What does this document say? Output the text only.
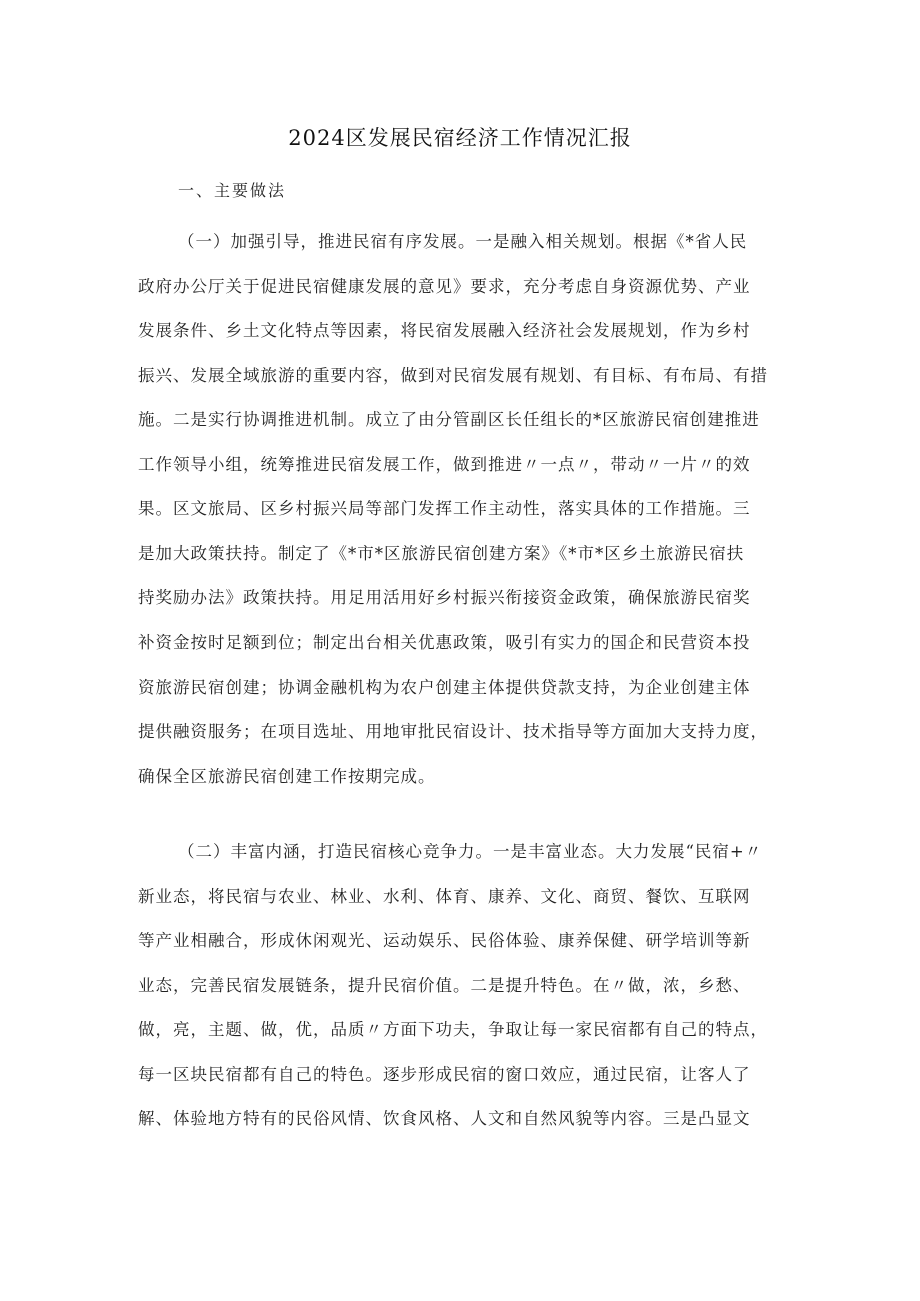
2024区发展民宿经济工作情况汇报
一、主要做法
（一）加强引导，推进民宿有序发展。一是融入相关规划。根据《*省人民
政府办公厅关于促进民宿健康发展的意见》要求，充分考虑自身资源优势、产业
发展条件、乡土文化特点等因素，将民宿发展融入经济社会发展规划，作为乡村
振兴、发展全域旅游的重要内容，做到对民宿发展有规划、有目标、有布局、有措
施。二是实行协调推进机制。成立了由分管副区长任组长的*区旅游民宿创建推进
工作领导小组，统筹推进民宿发展工作，做到推进〃一点〃，带动〃一片〃的效
果。区文旅局、区乡村振兴局等部门发挥工作主动性，落实具体的工作措施。三
是加大政策扶持。制定了《*市*区旅游民宿创建方案》《*市*区乡土旅游民宿扶
持奖励办法》政策扶持。用足用活用好乡村振兴衔接资金政策，确保旅游民宿奖
补资金按时足额到位；制定出台相关优惠政策，吸引有实力的国企和民营资本投
资旅游民宿创建；协调金融机构为农户创建主体提供贷款支持，为企业创建主体
提供融资服务；在项目选址、用地审批民宿设计、技术指导等方面加大支持力度，
确保全区旅游民宿创建工作按期完成。
（二）丰富内涵，打造民宿核心竞争力。一是丰富业态。大力发展“民宿+〃
新业态，将民宿与农业、林业、水利、体育、康养、文化、商贸、餐饮、互联网
等产业相融合，形成休闲观光、运动娱乐、民俗体验、康养保健、研学培训等新
业态，完善民宿发展链条，提升民宿价值。二是提升特色。在〃做，浓，乡愁、
做，亮，主题、做，优，品质〃方面下功夫，争取让每一家民宿都有自己的特点，
每一区块民宿都有自己的特色。逐步形成民宿的窗口效应，通过民宿，让客人了
解、体验地方特有的民俗风情、饮食风格、人文和自然风貌等内容。三是凸显文
